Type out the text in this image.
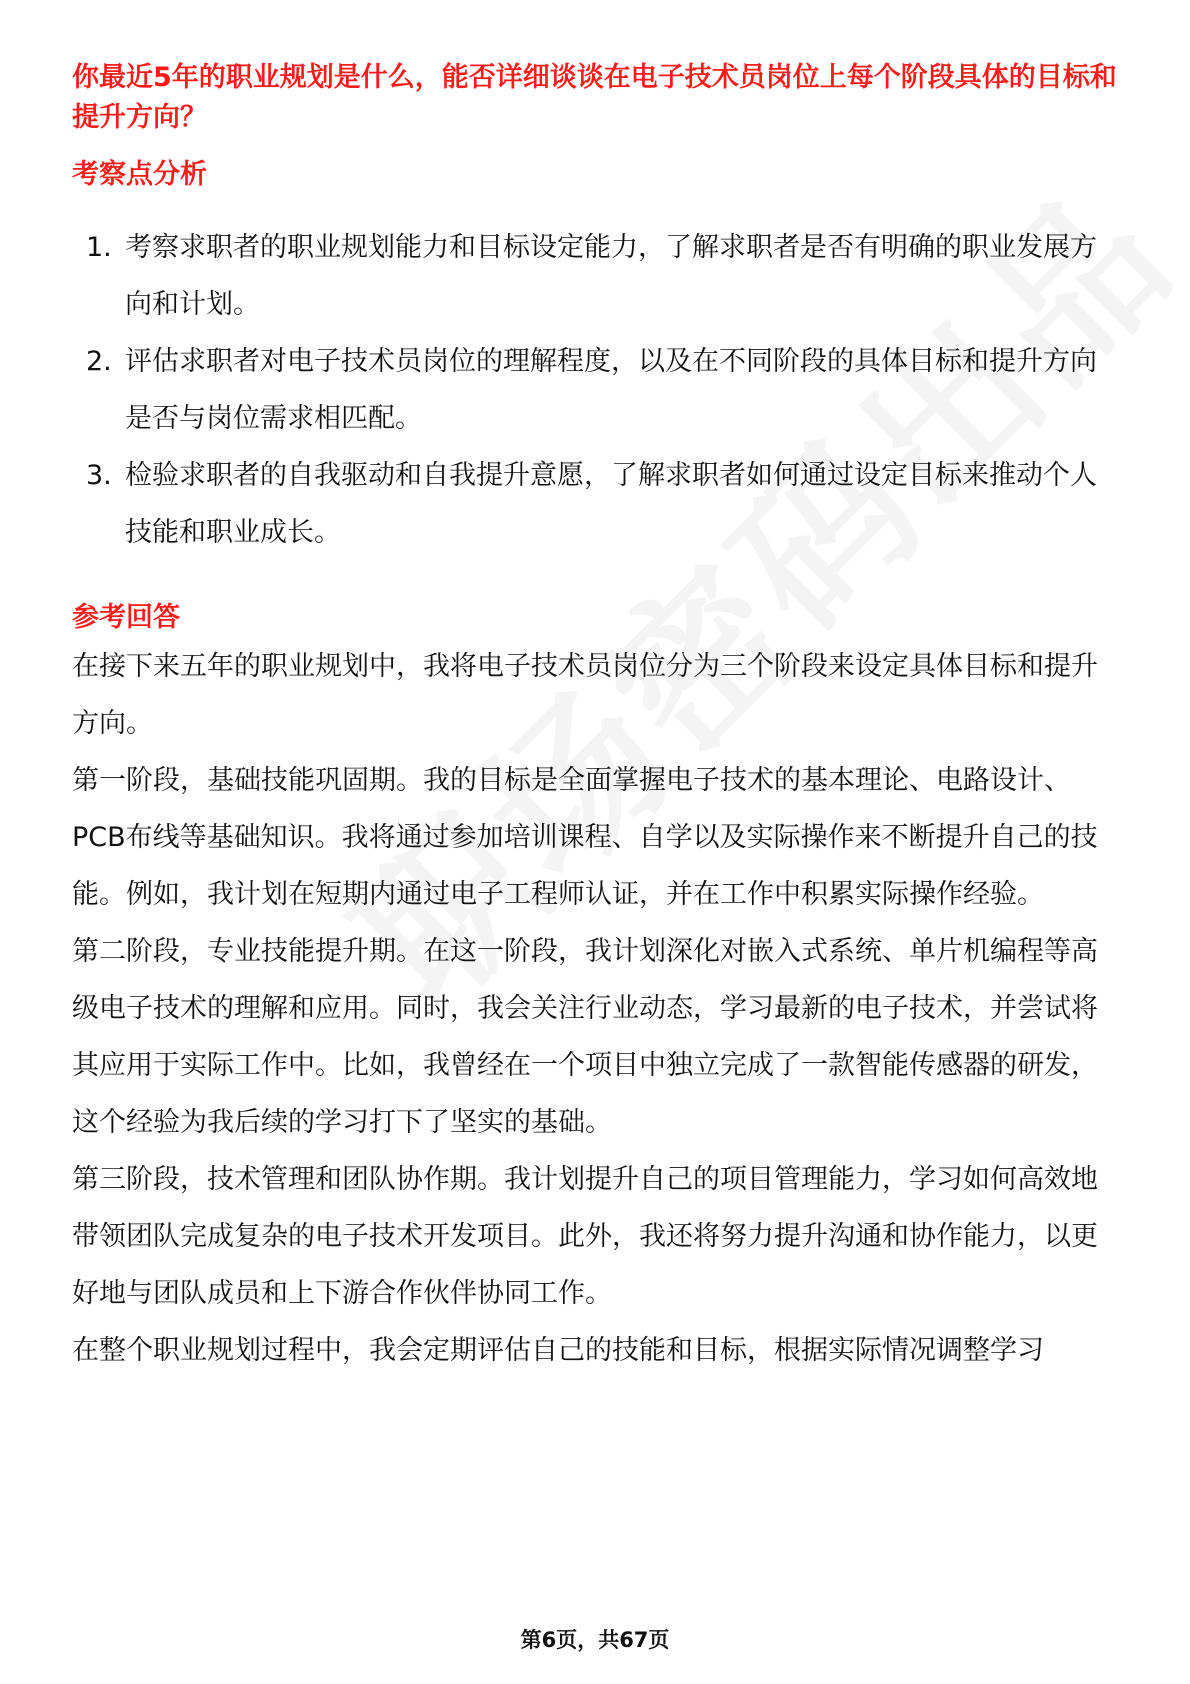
你最近5年的职业规划是什么，能否详细谈谈在电子技术员岗位上每个阶段具体的目标和提升方向？
考察点分析
1. 考察求职者的职业规划能力和目标设定能力，了解求职者是否有明确的职业发展方向和计划。
2. 评估求职者对电子技术员岗位的理解程度，以及在不同阶段的具体目标和提升方向是否与岗位需求相匹配。
3. 检验求职者的自我驱动和自我提升意愿，了解求职者如何通过设定目标来推动个人技能和职业成长。
参考回答

在接下来五年的职业规划中，我将电子技术员岗位分为三个阶段来设定具体目标和提升方向。

第一阶段，基础技能巩固期。我的目标是全面掌握电子技术的基本理论、电路设计、PCB布线等基础知识。我将通过参加培训课程、自学以及实际操作来不断提升自己的技能。例如，我计划在短期内通过电子工程师认证，并在工作中积累实际操作经验。

第二阶段，专业技能提升期。在这一阶段，我计划深化对嵌入式系统、单片机编程等高级电子技术的理解和应用。同时，我会关注行业动态，学习最新的电子技术，并尝试将其应用于实际工作中。比如，我曾经在一个项目中独立完成了一款智能传感器的研发，这个经验为我后续的学习打下了坚实的基础。

第三阶段，技术管理和团队协作期。我计划提升自己的项目管理能力，学习如何高效地带领团队完成复杂的电子技术开发项目。此外，我还将努力提升沟通和协作能力，以更好地与团队成员和上下游合作伙伴协同工作。

在整个职业规划过程中，我会定期评估自己的技能和目标，根据实际情况调整学习

第6页，共67页
